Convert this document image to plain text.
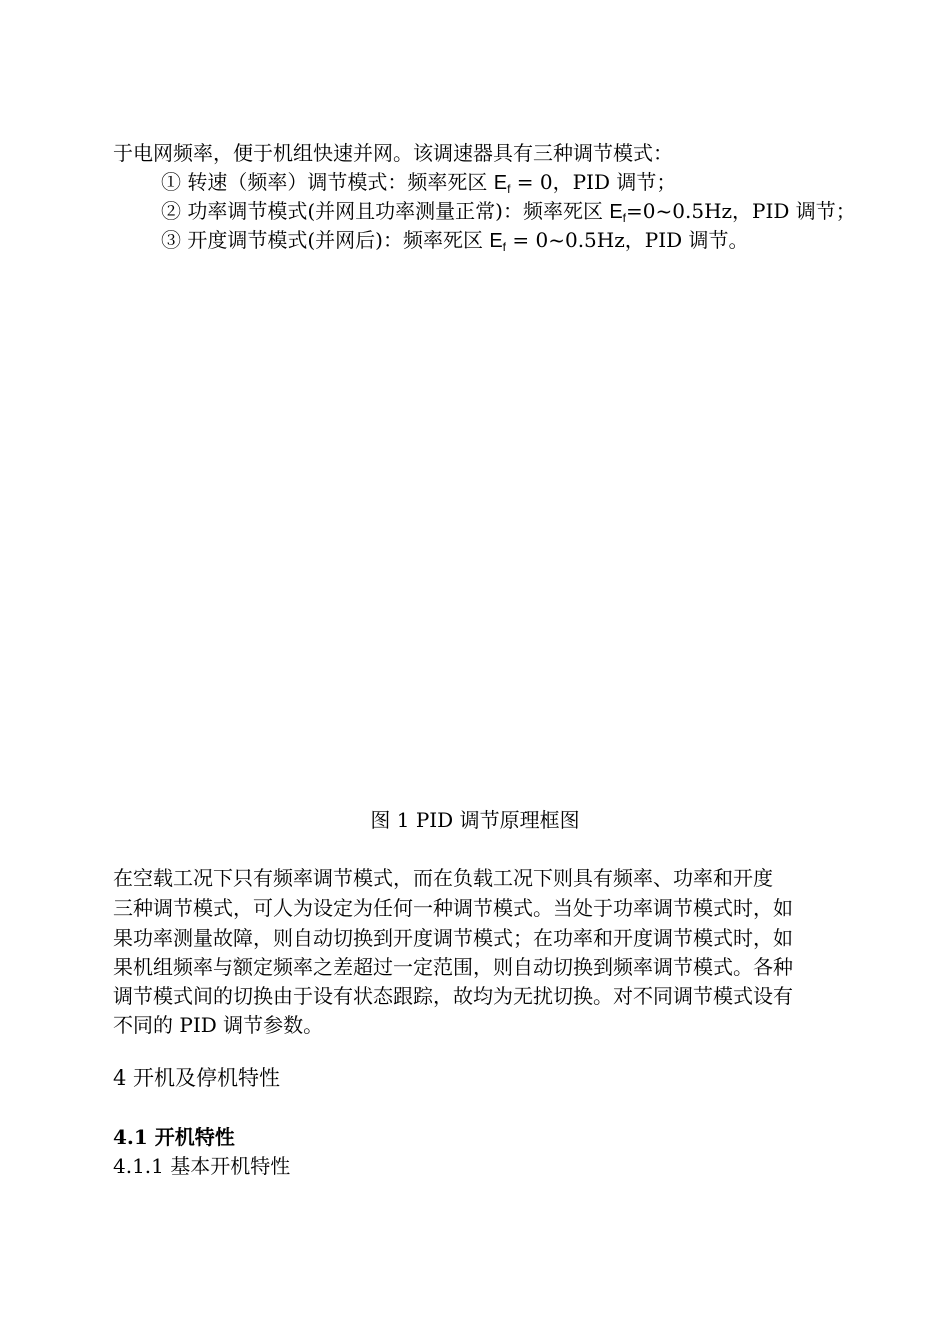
于电网频率，便于机组快速并网。该调速器具有三种调节模式：
① 转速（频率）调节模式：频率死区 $E_f = 0$，PID 调节；
② 功率调节模式(并网且功率测量正常)：频率死区 $E_f=0\sim 0.5Hz$，PID 调节；
③ 开度调节模式(并网后)：频率死区 $E_f$ = 0~0.5Hz，PID 调节。
图 1 PID 调节原理框图
在空载工况下只有频率调节模式，而在负载工况下则具有频率、功率和开度
三种调节模式，可人为设定为任何一种调节模式。当处于功率调节模式时，如
果功率测量故障，则自动切换到开度调节模式；在功率和开度调节模式时，如
果机组频率与额定频率之差超过一定范围，则自动切换到频率调节模式。各种
调节模式间的切换由于设有状态跟踪，故均为无扰切换。对不同调节模式设有
不同的 PID 调节参数。
4 开机及停机特性
4.1 开机特性
4.1.1 基本开机特性
